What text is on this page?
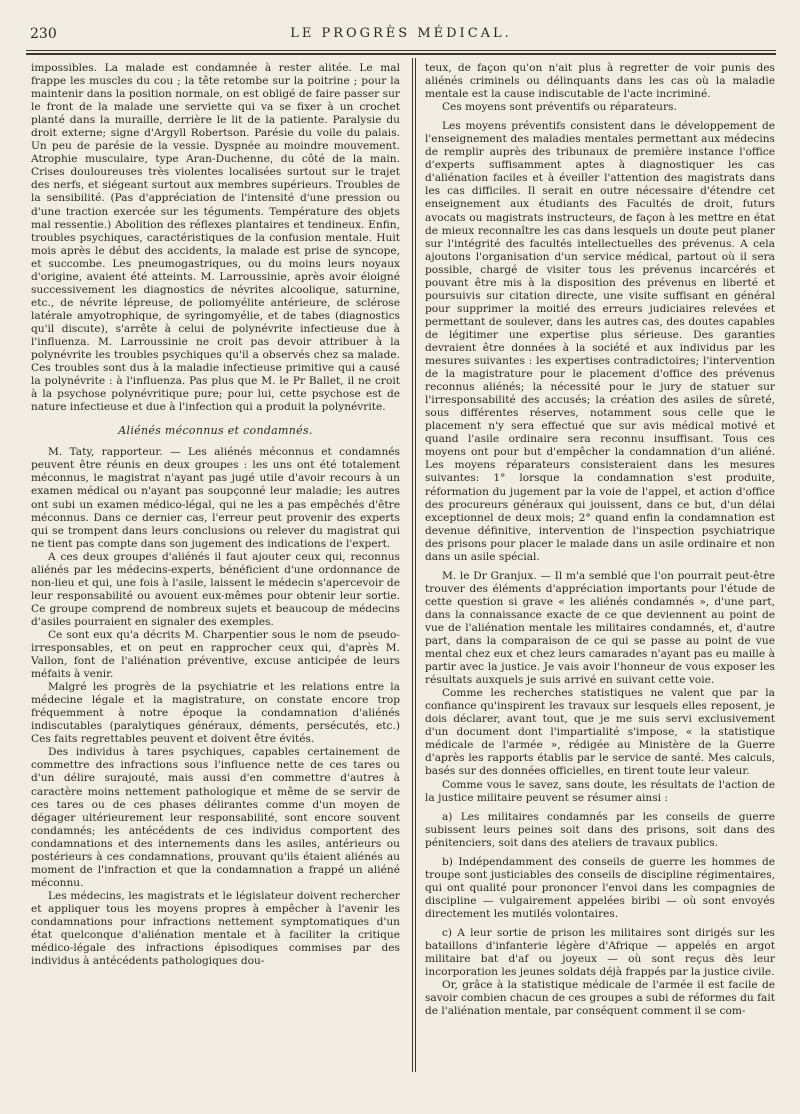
230	LE PROGRÈS MÉDICAL.

impossibles. La malade est condamnée à rester alitée. Le mal frappe les muscles du cou ; la tête retombe sur la poitrine ; pour la maintenir dans la position normale, on est obligé de faire passer sur le front de la malade une serviette qui va se fixer à un crochet planté dans la muraille, derrière le lit de la patiente. Paralysie du droit externe; signe d'Argyll Robertson. Parésie du voile du palais. Un peu de parésie de la vessie. Dyspnée au moindre mouvement. Atrophie musculaire, type Aran-Duchenne, du côté de la main. Crises douloureuses très violentes localisées surtout sur le trajet des nerfs, et siégeant surtout aux membres supérieurs. Troubles de la sensibilité. (Pas d'appréciation de l'intensité d'une pression ou d'une traction exercée sur les téguments. Température des objets mal ressentie.) Abolition des réflexes plantaires et tendineux. Enfin, troubles psychiques, caractéristiques de la confusion mentale. Huit mois après le début des accidents, la malade est prise de syncope, et succombe. Les pneumogastriques, ou du moins leurs noyaux d'origine, avaient été atteints. M. Larroussinie, après avoir éloigné successivement les diagnostics de névrites alcoolique, saturnine, etc., de névrite lépreuse, de poliomyélite antérieure, de sclérose latérale amyotrophique, de syringomyélie, et de tabes (diagnostics qu'il discute), s'arrête à celui de polynévrite infectieuse due à l'influenza. M. Larroussinie ne croit pas devoir attribuer à la polynévrite les troubles psychiques qu'il a observés chez sa malade. Ces troubles sont dus à la maladie infectieuse primitive qui a causé la polynévrite : à l'influenza. Pas plus que M. le Pr Ballet, il ne croit à la psychose polynévritique pure; pour lui, cette psychose est de nature infectieuse et due à l'infection qui a produit la polynévrite.

Aliénés méconnus et condamnés.

M. Taty, rapporteur. — Les aliénés méconnus et condamnés peuvent être réunis en deux groupes : les uns ont été totalement méconnus, le magistrat n'ayant pas jugé utile d'avoir recours à un examen médical ou n'ayant pas soupçonné leur maladie; les autres ont subi un examen médico-légal, qui ne les a pas empêchés d'être méconnus. Dans ce dernier cas, l'erreur peut provenir des experts qui se trompent dans leurs conclusions ou relever du magistrat qui ne tient pas compte dans son jugement des indications de l'expert.

A ces deux groupes d'aliénés il faut ajouter ceux qui, reconnus aliénés par les médecins-experts, bénéficient d'une ordonnance de non-lieu et qui, une fois à l'asile, laissent le médecin s'apercevoir de leur responsabilité ou avouent eux-mêmes pour obtenir leur sortie. Ce groupe comprend de nombreux sujets et beaucoup de médecins d'asiles pourraient en signaler des exemples.

Ce sont eux qu'a décrits M. Charpentier sous le nom de pseudo-irresponsables, et on peut en rapprocher ceux qui, d'après M. Vallon, font de l'aliénation préventive, excuse anticipée de leurs méfaits à venir.

Malgré les progrès de la psychiatrie et les relations entre la médecine légale et la magistrature, on constate encore trop fréquemment à notre époque la condamnation d'aliénés indiscutables (paralytiques généraux, déments, persécutés, etc.) Ces faits regrettables peuvent et doivent être évités.

Des individus à tares psychiques, capables certainement de commettre des infractions sous l'influence nette de ces tares ou d'un délire surajouté, mais aussi d'en commettre d'autres à caractère moins nettement pathologique et même de se servir de ces tares ou de ces phases délirantes comme d'un moyen de dégager ultérieurement leur responsabilité, sont encore souvent condamnés; les antécédents de ces individus comportent des condamnations et des internements dans les asiles, antérieurs ou postérieurs à ces condamnations, prouvant qu'ils étaient aliénés au moment de l'infraction et que la condamnation a frappé un aliéné méconnu.

Les médecins, les magistrats et le législateur doivent rechercher et appliquer tous les moyens propres à empêcher à l'avenir les condamnations pour infractions nettement symptomatiques d'un état quelconque d'aliénation mentale et à faciliter la critique médico-légale des infractions épisodiques commises par des individus à antécédents pathologiques dou-

teux, de façon qu'on n'ait plus à regretter de voir punis des aliénés criminels ou délinquants dans les cas où la maladie mentale est la cause indiscutable de l'acte incriminé.

Ces moyens sont préventifs ou réparateurs.

Les moyens préventifs consistent dans le développement de l'enseignement des maladies mentales permettant aux médecins de remplir auprès des tribunaux de première instance l'office d'experts suffisamment aptes à diagnostiquer les cas d'aliénation faciles et à éveiller l'attention des magistrats dans les cas difficiles. Il serait en outre nécessaire d'étendre cet enseignement aux étudiants des Facultés de droit, futurs avocats ou magistrats instructeurs, de façon à les mettre en état de mieux reconnaître les cas dans lesquels un doute peut planer sur l'intégrité des facultés intellectuelles des prévenus. A cela ajoutons l'organisation d'un service médical, partout où il sera possible, chargé de visiter tous les prévenus incarcérés et pouvant être mis à la disposition des prévenus en liberté et poursuivis sur citation directe, une visite suffisant en général pour supprimer la moitié des erreurs judiciaires relevées et permettant de soulever, dans les autres cas, des doutes capables de légitimer une expertise plus sérieuse. Des garanties devraient être données à la société et aux individus par les mesures suivantes : les expertises contradictoires; l'intervention de la magistrature pour le placement d'office des prévenus reconnus aliénés; la nécessité pour le jury de statuer sur l'irresponsabilité des accusés; la création des asiles de sûreté, sous différentes réserves, notamment sous celle que le placement n'y sera effectué que sur avis médical motivé et quand l'asile ordinaire sera reconnu insuffisant. Tous ces moyens ont pour but d'empêcher la condamnation d'un aliéné. Les moyens réparateurs consisteraient dans les mesures suivantes: 1° lorsque la condamnation s'est produite, réformation du jugement par la voie de l'appel, et action d'office des procureurs généraux qui jouissent, dans ce but, d'un délai exceptionnel de deux mois; 2° quand enfin la condamnation est devenue définitive, intervention de l'inspection psychiatrique des prisons pour placer le malade dans un asile ordinaire et non dans un asile spécial.

M. le Dr Granjux. — Il m'a semblé que l'on pourrait peut-être trouver des éléments d'appréciation importants pour l'étude de cette question si grave « les aliénés condamnés », d'une part, dans la connaissance exacte de ce que deviennent au point de vue de l'aliénation mentale les militaires condamnés, et, d'autre part, dans la comparaison de ce qui se passe au point de vue mental chez eux et chez leurs camarades n'ayant pas eu maille à partir avec la justice. Je vais avoir l'honneur de vous exposer les résultats auxquels je suis arrivé en suivant cette voie.

Comme les recherches statistiques ne valent que par la confiance qu'inspirent les travaux sur lesquels elles reposent, je dois déclarer, avant tout, que je me suis servi exclusivement d'un document dont l'impartialité s'impose, « la statistique médicale de l'armée », rédigée au Ministère de la Guerre d'après les rapports établis par le service de santé. Mes calculs, basés sur des données officielles, en tirent toute leur valeur.

Comme vous le savez, sans doute, les résultats de l'action de la justice militaire peuvent se résumer ainsi :

a) Les militaires condamnés par les conseils de guerre subissent leurs peines soit dans des prisons, soit dans des pénitenciers, soit dans des ateliers de travaux publics.

b) Indépendamment des conseils de guerre les hommes de troupe sont justiciables des conseils de discipline régimentaires, qui ont qualité pour prononcer l'envoi dans les compagnies de discipline — vulgairement appelées biribi — où sont envoyés directement les mutilés volontaires.

c) A leur sortie de prison les militaires sont dirigés sur les bataillons d'infanterie légère d'Afrique — appelés en argot militaire bat d'af ou joyeux — où sont reçus dès leur incorporation les jeunes soldats déjà frappés par la justice civile.

Or, grâce à la statistique médicale de l'armée il est facile de savoir combien chacun de ces groupes a subi de réformes du fait de l'aliénation mentale, par conséquent comment il se com-
